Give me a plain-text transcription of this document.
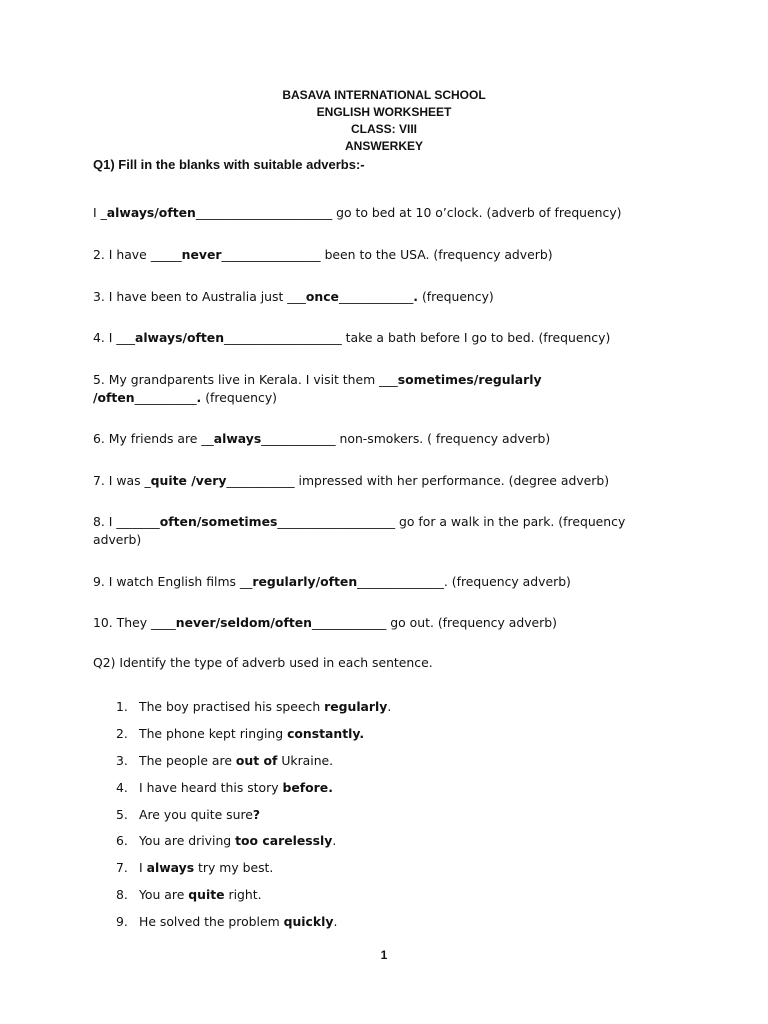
BASAVA INTERNATIONAL SCHOOL
ENGLISH WORKSHEET
CLASS: VIII
ANSWERKEY
Q1) Fill in the blanks with suitable adverbs:-
I _always/often______________________ go to bed at 10 o’clock. (adverb of frequency)
2. I have _____never________________ been to the USA. (frequency adverb)
3. I have been to Australia just ___once____________. (frequency)
4. I ___always/often___________________ take a bath before I go to bed. (frequency)
5. My grandparents live in Kerala. I visit them ___sometimes/regularly
/often__________. (frequency)
6. My friends are __always____________ non-smokers. ( frequency adverb)
7. I was _quite /very___________ impressed with her performance. (degree adverb)
8. I _______often/sometimes___________________ go for a walk in the park. (frequency
adverb)
9. I watch English films __regularly/often______________. (frequency adverb)
10. They ____never/seldom/often____________ go out. (frequency adverb)
Q2) Identify the type of adverb used in each sentence.
1. The boy practised his speech regularly.
2. The phone kept ringing constantly.
3. The people are out of Ukraine.
4. I have heard this story before.
5. Are you quite sure?
6. You are driving too carelessly.
7. I always try my best.
8. You are quite right.
9. He solved the problem quickly.
1
